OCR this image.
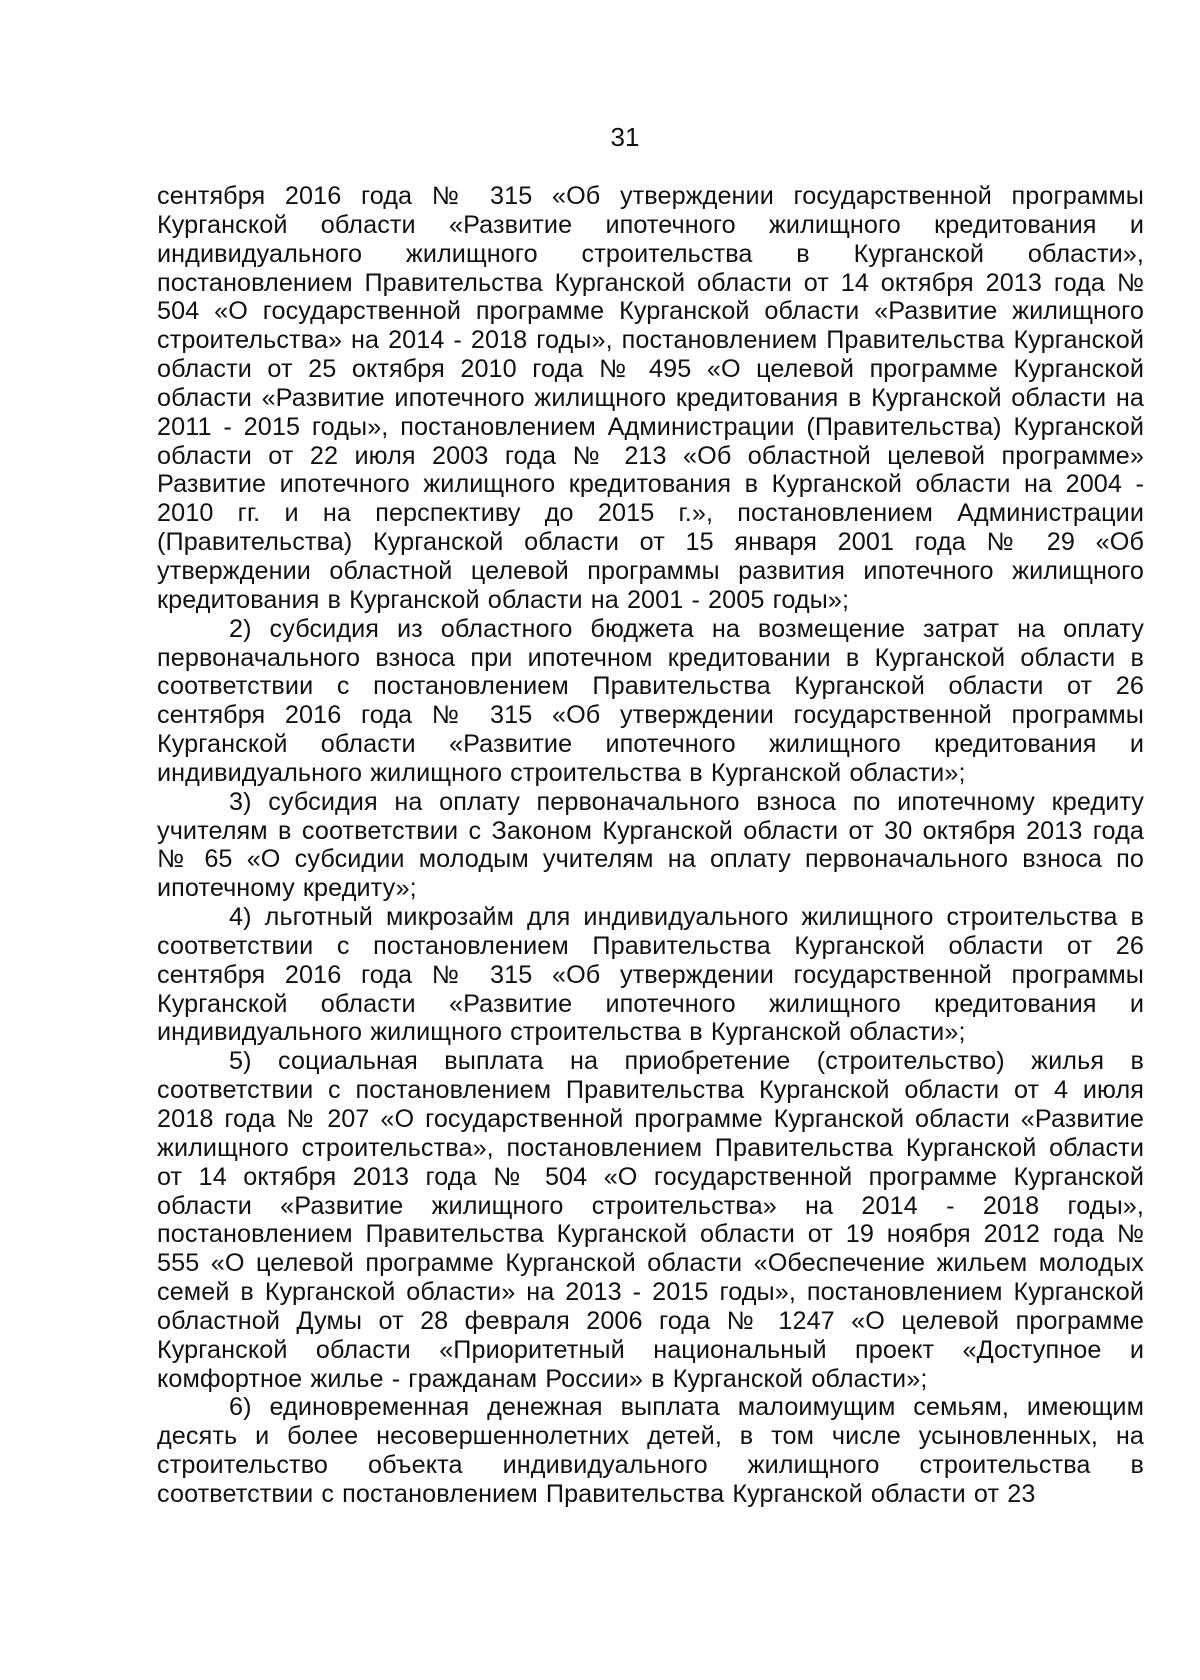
31

сентября 2016 года № 315 «Об утверждении государственной программы Курганской области «Развитие ипотечного жилищного кредитования и индивидуального жилищного строительства в Курганской области», постановлением Правительства Курганской области от 14 октября 2013 года № 504 «О государственной программе Курганской области «Развитие жилищного строительства» на 2014 - 2018 годы», постановлением Правительства Курганской области от 25 октября 2010 года № 495 «О целевой программе Курганской области «Развитие ипотечного жилищного кредитования в Курганской области на 2011 - 2015 годы», постановлением Администрации (Правительства) Курганской области от 22 июля 2003 года № 213 «Об областной целевой программе» Развитие ипотечного жилищного кредитования в Курганской области на 2004 - 2010 гг. и на перспективу до 2015 г.», постановлением Администрации (Правительства) Курганской области от 15 января 2001 года № 29 «Об утверждении областной целевой программы развития ипотечного жилищного кредитования в Курганской области на 2001 - 2005 годы»;

2) субсидия из областного бюджета на возмещение затрат на оплату первоначального взноса при ипотечном кредитовании в Курганской области в соответствии с постановлением Правительства Курганской области от 26 сентября 2016 года № 315 «Об утверждении государственной программы Курганской области «Развитие ипотечного жилищного кредитования и индивидуального жилищного строительства в Курганской области»;

3) субсидия на оплату первоначального взноса по ипотечному кредиту учителям в соответствии с Законом Курганской области от 30 октября 2013 года № 65 «О субсидии молодым учителям на оплату первоначального взноса по ипотечному кредиту»;

4) льготный микрозайм для индивидуального жилищного строительства в соответствии с постановлением Правительства Курганской области от 26 сентября 2016 года № 315 «Об утверждении государственной программы Курганской области «Развитие ипотечного жилищного кредитования и индивидуального жилищного строительства в Курганской области»;

5) социальная выплата на приобретение (строительство) жилья в соответствии с постановлением Правительства Курганской области от 4 июля 2018 года № 207 «О государственной программе Курганской области «Развитие жилищного строительства», постановлением Правительства Курганской области от 14 октября 2013 года № 504 «О государственной программе Курганской области «Развитие жилищного строительства» на 2014 - 2018 годы», постановлением Правительства Курганской области от 19 ноября 2012 года № 555 «О целевой программе Курганской области «Обеспечение жильем молодых семей в Курганской области» на 2013 - 2015 годы», постановлением Курганской областной Думы от 28 февраля 2006 года № 1247 «О целевой программе Курганской области «Приоритетный национальный проект «Доступное и комфортное жилье - гражданам России» в Курганской области»;

6) единовременная денежная выплата малоимущим семьям, имеющим десять и более несовершеннолетних детей, в том числе усыновленных, на строительство объекта индивидуального жилищного строительства в соответствии с постановлением Правительства Курганской области от 23
